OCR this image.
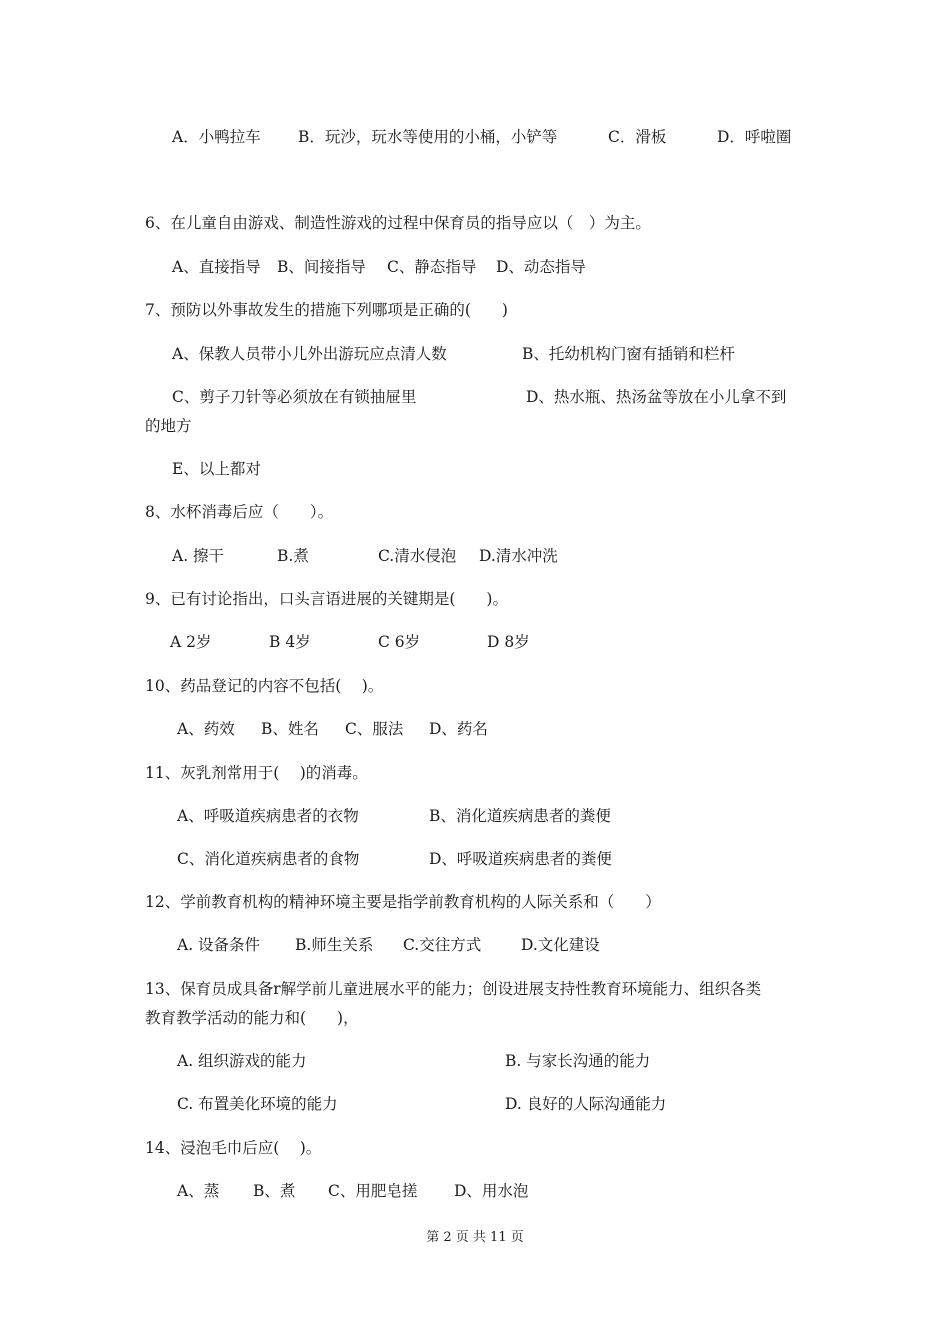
A．小鸭拉车 B．玩沙，玩水等使用的小桶，小铲等	C．滑板	D．呼啦圈
6、在儿童自由游戏、制造性游戏的过程中保育员的指导应以（　）为主。
A、直接指导 B、间接指导 C、静态指导 D、动态指导
7、预防以外事故发生的措施下列哪项是正确的(　　)
A、保教人员带小儿外出游玩应点清人数	B、托幼机构门窗有插销和栏杆
C、剪子刀针等必须放在有锁抽屉里	D、热水瓶、热汤盆等放在小儿拿不到
的地方
E、以上都对
8、水杯消毒后应（　　）。
A. 擦干	B.煮	C.清水侵泡 D.清水冲洗
9、已有讨论指出，口头言语进展的关键期是(　　)。
A 2岁	B 4岁	C 6岁	D 8岁
10、药品登记的内容不包括(　 )。
A、药效 B、姓名 C、服法 D、药名
11、灰乳剂常用于(　 )的消毒。
A、呼吸道疾病患者的衣物	B、消化道疾病患者的粪便
C、消化道疾病患者的食物	D、呼吸道疾病患者的粪便
12、学前教育机构的精神环境主要是指学前教育机构的人际关系和（　　）
A. 设备条件 B.师生关系 C.交往方式	D.文化建设
13、保育员成具备r解学前儿童进展水平的能力；创设进展支持性教育环境能力、组织各类
教育教学活动的能力和(　　)，
A. 组织游戏的能力	B. 与家长沟通的能力
C. 布置美化环境的能力	D. 良好的人际沟通能力
14、浸泡毛巾后应(　 )。
A、蒸 B、煮 C、用肥皂搓 D、用水泡
第 2 页 共 11 页
